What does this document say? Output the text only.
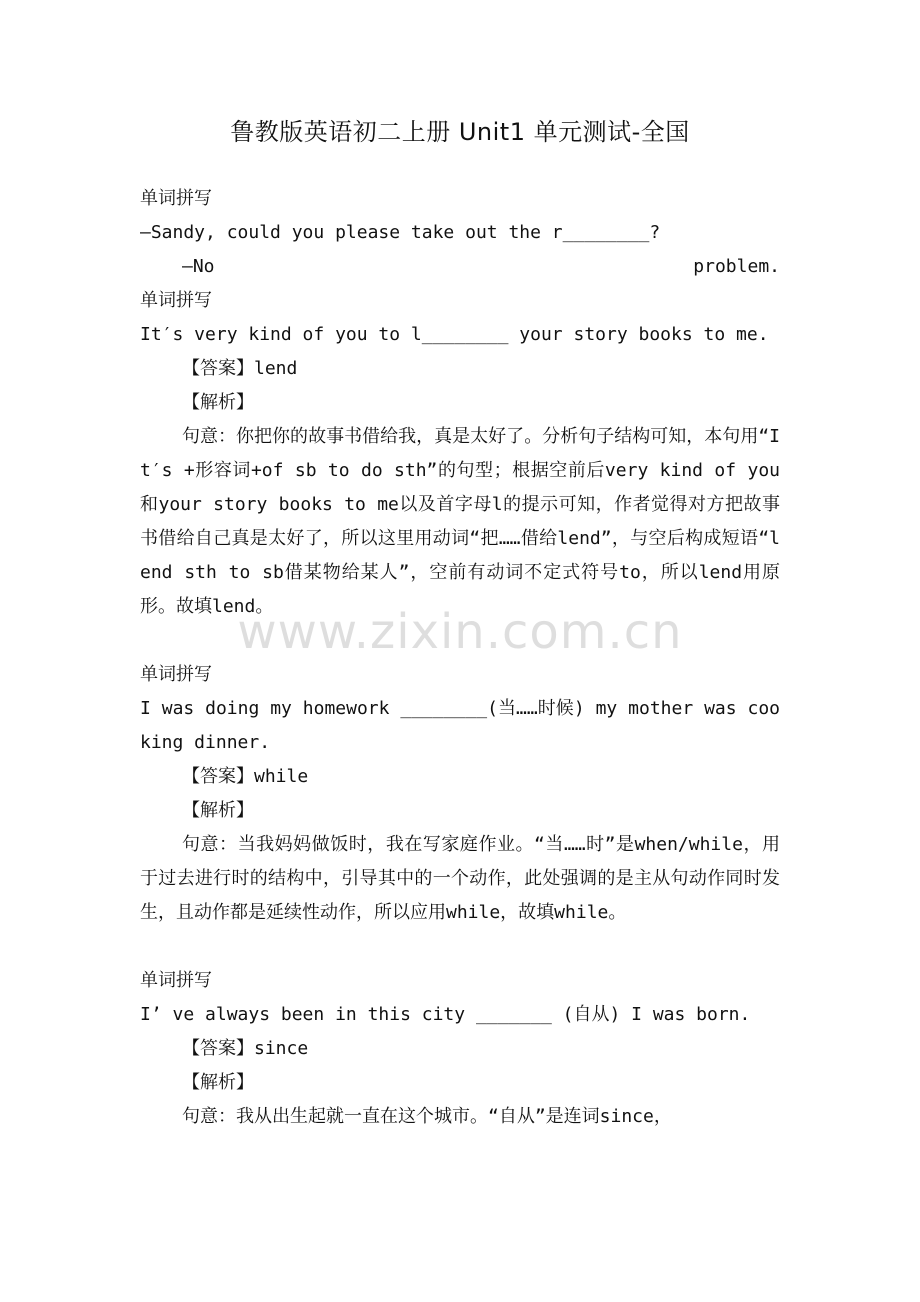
鲁教版英语初二上册 Unit1 单元测试-全国
www.zixin.com.cn
单词拼写
—Sandy, could you please take out the r________?
—No	problem.
单词拼写
It′s very kind of you to l________ your story books to me.
【答案】lend
【解析】
句意：你把你的故事书借给我，真是太好了。分析句子结构可知，本句用“It′s +形容词+of sb to do sth”的句型；根据空前后very kind of you和your story books to me以及首字母l的提示可知，作者觉得对方把故事书借给自己真是太好了，所以这里用动词“把……借给lend”，与空后构成短语“lend sth to sb借某物给某人”，空前有动词不定式符号to，所以lend用原形。故填lend。
单词拼写
I was doing my homework ________(当……时候) my mother was cooking dinner.
【答案】while
【解析】
句意：当我妈妈做饭时，我在写家庭作业。“当……时”是when/while，用于过去进行时的结构中，引导其中的一个动作，此处强调的是主从句动作同时发生，且动作都是延续性动作，所以应用while，故填while。
单词拼写
I’ ve always been in this city _______ (自从) I was born.
【答案】since
【解析】
句意：我从出生起就一直在这个城市。“自从”是连词since，
